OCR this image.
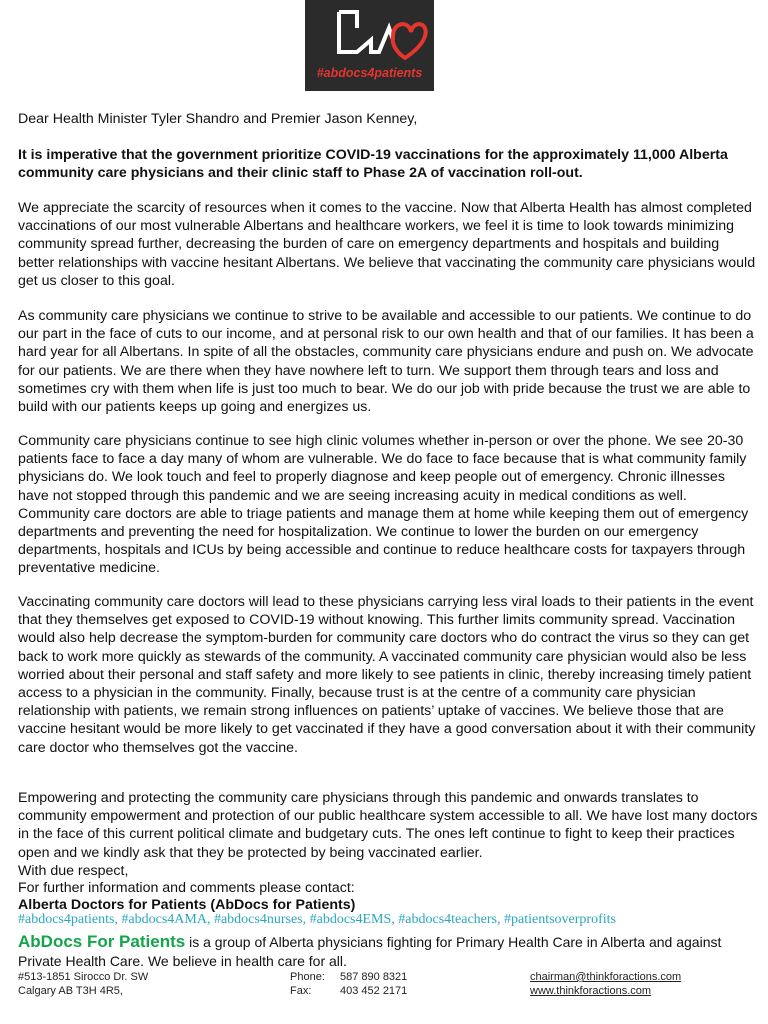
#abdocs4patients
Dear Health Minister Tyler Shandro and Premier Jason Kenney,
It is imperative that the government prioritize COVID-19 vaccinations for the approximately 11,000 Alberta community care physicians and their clinic staff to Phase 2A of vaccination roll-out.
We appreciate the scarcity of resources when it comes to the vaccine. Now that Alberta Health has almost completed vaccinations of our most vulnerable Albertans and healthcare workers, we feel it is time to look towards minimizing community spread further, decreasing the burden of care on emergency departments and hospitals and building better relationships with vaccine hesitant Albertans. We believe that vaccinating the community care physicians would get us closer to this goal.
As community care physicians we continue to strive to be available and accessible to our patients. We continue to do our part in the face of cuts to our income, and at personal risk to our own health and that of our families. It has been a hard year for all Albertans. In spite of all the obstacles, community care physicians endure and push on. We advocate for our patients. We are there when they have nowhere left to turn. We support them through tears and loss and sometimes cry with them when life is just too much to bear. We do our job with pride because the trust we are able to build with our patients keeps up going and energizes us.
Community care physicians continue to see high clinic volumes whether in-person or over the phone. We see 20-30 patients face to face a day many of whom are vulnerable. We do face to face because that is what community family physicians do. We look touch and feel to properly diagnose and keep people out of emergency. Chronic illnesses have not stopped through this pandemic and we are seeing increasing acuity in medical conditions as well. Community care doctors are able to triage patients and manage them at home while keeping them out of emergency departments and preventing the need for hospitalization. We continue to lower the burden on our emergency departments, hospitals and ICUs by being accessible and continue to reduce healthcare costs for taxpayers through preventative medicine.
Vaccinating community care doctors will lead to these physicians carrying less viral loads to their patients in the event that they themselves get exposed to COVID-19 without knowing. This further limits community spread. Vaccination would also help decrease the symptom-burden for community care doctors who do contract the virus so they can get back to work more quickly as stewards of the community. A vaccinated community care physician would also be less worried about their personal and staff safety and more likely to see patients in clinic, thereby increasing timely patient access to a physician in the community. Finally, because trust is at the centre of a community care physician relationship with patients, we remain strong influences on patients’ uptake of vaccines. We believe those that are vaccine hesitant would be more likely to get vaccinated if they have a good conversation about it with their community care doctor who themselves got the vaccine.
Empowering and protecting the community care physicians through this pandemic and onwards translates to community empowerment and protection of our public healthcare system accessible to all. We have lost many doctors in the face of this current political climate and budgetary cuts. The ones left continue to fight to keep their practices open and we kindly ask that they be protected by being vaccinated earlier.
With due respect,
For further information and comments please contact:
Alberta Doctors for Patients (AbDocs for Patients)
#abdocs4patients, #abdocs4AMA, #abdocs4nurses, #abdocs4EMS, #abdocs4teachers, #patientsoverprofits
AbDocs For Patients is a group of Alberta physicians fighting for Primary Health Care in Alberta and against Private Health Care. We believe in health care for all.
#513-1851 Sirocco Dr. SW
Calgary AB T3H 4R5,
Phone: 587 890 8321
Fax:	403 452 2171
chairman@thinkforactions.com
www.thinkforactions.com
